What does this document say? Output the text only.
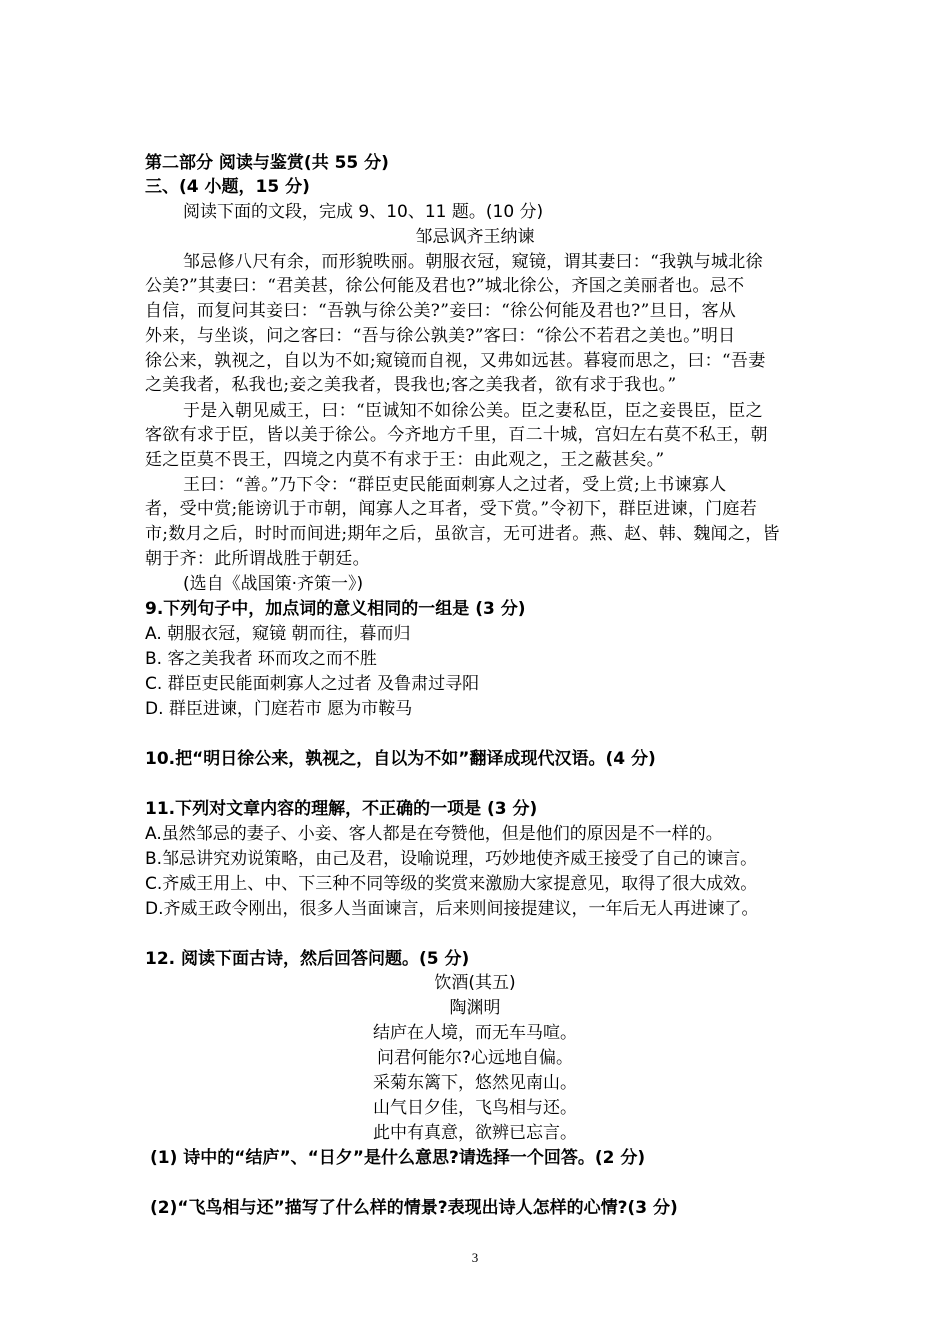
第二部分 阅读与鉴赏(共 55 分)
三、(4 小题，15 分)
阅读下面的文段，完成 9、10、11 题。(10 分)
邹忌讽齐王纳谏
邹忌修八尺有余，而形貌昳丽。朝服衣冠，窥镜，谓其妻曰：“我孰与城北徐
公美?”其妻曰：“君美甚，徐公何能及君也?”城北徐公，齐国之美丽者也。忌不
自信，而复问其妾曰：“吾孰与徐公美?”妾曰：“徐公何能及君也?”旦日，客从
外来，与坐谈，问之客曰：“吾与徐公孰美?”客曰：“徐公不若君之美也。”明日
徐公来，孰视之，自以为不如;窥镜而自视，又弗如远甚。暮寝而思之，曰：“吾妻
之美我者，私我也;妾之美我者，畏我也;客之美我者，欲有求于我也。”
于是入朝见威王，曰：“臣诚知不如徐公美。臣之妻私臣，臣之妾畏臣，臣之
客欲有求于臣，皆以美于徐公。今齐地方千里，百二十城，宫妇左右莫不私王，朝
廷之臣莫不畏王，四境之内莫不有求于王：由此观之，王之蔽甚矣。”
王曰：“善。”乃下令：“群臣吏民能面刺寡人之过者，受上赏;上书谏寡人
者，受中赏;能谤讥于市朝，闻寡人之耳者，受下赏。”令初下，群臣进谏，门庭若
市;数月之后，时时而间进;期年之后，虽欲言，无可进者。燕、赵、韩、魏闻之，皆
朝于齐：此所谓战胜于朝廷。
(选自《战国策·齐策一》)
9.下列句子中，加点词的意义相同的一组是 (3 分)
A. 朝服衣冠，窥镜 朝而往，暮而归
B. 客之美我者 环而攻之而不胜
C. 群臣吏民能面刺寡人之过者 及鲁肃过寻阳
D. 群臣进谏，门庭若市 愿为市鞍马
10.把“明日徐公来，孰视之，自以为不如”翻译成现代汉语。(4 分)
11.下列对文章内容的理解，不正确的一项是 (3 分)
A.虽然邹忌的妻子、小妾、客人都是在夸赞他，但是他们的原因是不一样的。
B.邹忌讲究劝说策略，由己及君，设喻说理，巧妙地使齐威王接受了自己的谏言。
C.齐威王用上、中、下三种不同等级的奖赏来激励大家提意见，取得了很大成效。
D.齐威王政令刚出，很多人当面谏言，后来则间接提建议，一年后无人再进谏了。
12. 阅读下面古诗，然后回答问题。(5 分)
饮酒(其五)
陶渊明
结庐在人境，而无车马喧。
问君何能尔?心远地自偏。
采菊东篱下，悠然见南山。
山气日夕佳，飞鸟相与还。
此中有真意，欲辨已忘言。
(1) 诗中的“结庐”、“日夕”是什么意思?请选择一个回答。(2 分)
(2)“飞鸟相与还”描写了什么样的情景?表现出诗人怎样的心情?(3 分)
3
